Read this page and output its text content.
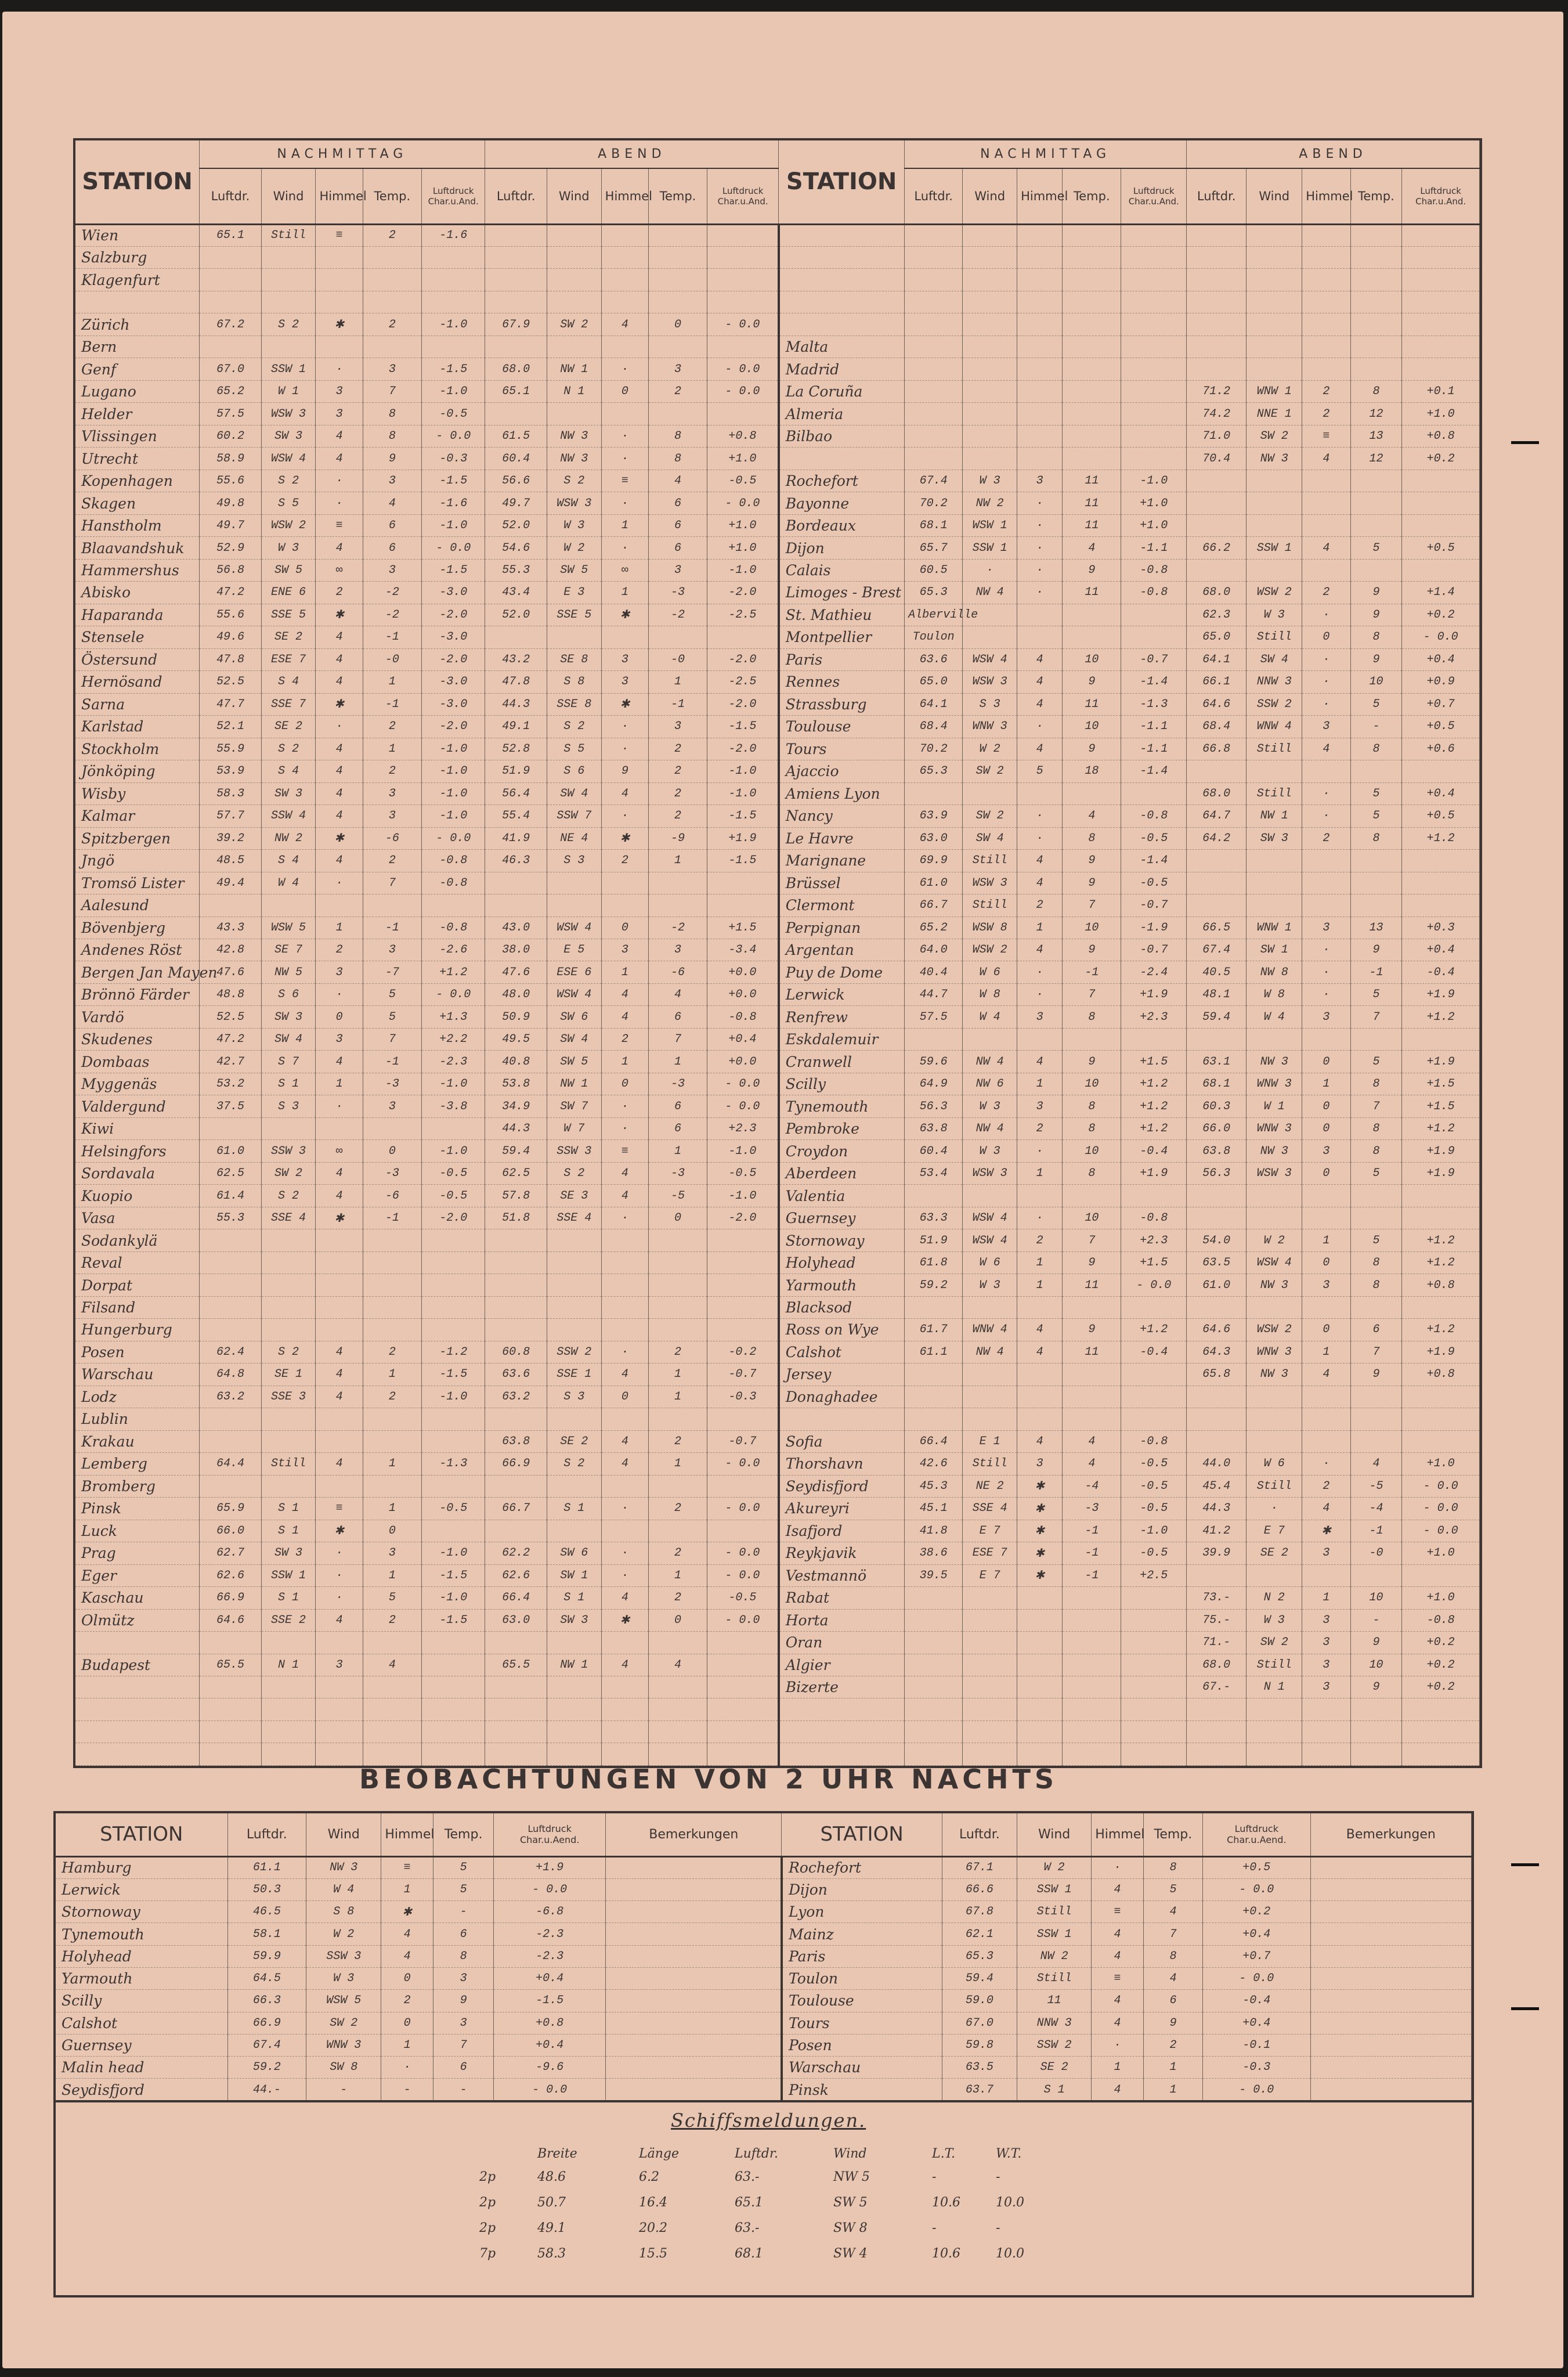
STATION	NACHMITTAG					ABEND					STATION	NACHMITTAG					ABEND				
	Luftdr.	Wind	Himmel	Temp.	Luftdruck Char.u.And.	Luftdr.	Wind	Himmel	Temp.	Luftdruck Char.u.And.		Luftdr.	Wind	Himmel	Temp.	Luftdruck Char.u.And.	Luftdr.	Wind	Himmel	Temp.	Luftdruck Char.u.And.
Wien	65.1	Still	≡	2	-1.6																
Salzburg																					
Klagenfurt																					

Zürich	67.2	S 2	✱	2	-1.0	67.9	SW 2	4	0	- 0.0											
Bern											Malta										
Genf	67.0	SSW 1	·	3	-1.5	68.0	NW 1	·	3	- 0.0	Madrid										
Lugano	65.2	W 1	3	7	-1.0	65.1	N 1	0	2	- 0.0	La Coruña						71.2	WNW 1	2	8	+0.1
Helder	57.5	WSW 3	3	8	-0.5						Almeria						74.2	NNE 1	2	12	+1.0
Vlissingen	60.2	SW 3	4	8	- 0.0	61.5	NW 3	·	8	+0.8	Bilbao						71.0	SW 2	≡	13	+0.8
Utrecht	58.9	WSW 4	4	9	-0.3	60.4	NW 3	·	8	+1.0							70.4	NW 3	4	12	+0.2
Kopenhagen	55.6	S 2	·	3	-1.5	56.6	S 2	≡	4	-0.5	Rochefort	67.4	W 3	3	11	-1.0					
Skagen	49.8	S 5	·	4	-1.6	49.7	WSW 3	·	6	- 0.0	Bayonne	70.2	NW 2	·	11	+1.0					
Hanstholm	49.7	WSW 2	≡	6	-1.0	52.0	W 3	1	6	+1.0	Bordeaux	68.1	WSW 1	·	11	+1.0					
Blaavandshuk	52.9	W 3	4	6	- 0.0	54.6	W 2	·	6	+1.0	Dijon	65.7	SSW 1	·	4	-1.1	66.2	SSW 1	4	5	+0.5
Hammershus	56.8	SW 5	∞	3	-1.5	55.3	SW 5	∞	3	-1.0	Calais	60.5	·	·	9	-0.8					
Abisko	47.2	ENE 6	2	-2	-3.0	43.4	E 3	1	-3	-2.0	Limoges - Brest	65.3	NW 4	·	11	-0.8	68.0	WSW 2	2	9	+1.4
Haparanda	55.6	SSE 5	✱	-2	-2.0	52.0	SSE 5	✱	-2	-2.5	St. Mathieu	Alberville					62.3	W 3	·	9	+0.2
Stensele	49.6	SE 2	4	-1	-3.0						Montpellier	Toulon					65.0	Still	0	8	- 0.0
Östersund	47.8	ESE 7	4	-0	-2.0	43.2	SE 8	3	-0	-2.0	Paris	63.6	WSW 4	4	10	-0.7	64.1	SW 4	·	9	+0.4
Hernösand	52.5	S 4	4	1	-3.0	47.8	S 8	3	1	-2.5	Rennes	65.0	WSW 3	4	9	-1.4	66.1	NNW 3	·	10	+0.9
Sarna	47.7	SSE 7	✱	-1	-3.0	44.3	SSE 8	✱	-1	-2.0	Strassburg	64.1	S 3	4	11	-1.3	64.6	SSW 2	·	5	+0.7
Karlstad	52.1	SE 2	·	2	-2.0	49.1	S 2	·	3	-1.5	Toulouse	68.4	WNW 3	·	10	-1.1	68.4	WNW 4	3	-	+0.5
Stockholm	55.9	S 2	4	1	-1.0	52.8	S 5	·	2	-2.0	Tours	70.2	W 2	4	9	-1.1	66.8	Still	4	8	+0.6
Jönköping	53.9	S 4	4	2	-1.0	51.9	S 6	9	2	-1.0	Ajaccio	65.3	SW 2	5	18	-1.4					
Wisby	58.3	SW 3	4	3	-1.0	56.4	SW 4	4	2	-1.0	Amiens Lyon						68.0	Still	·	5	+0.4
Kalmar	57.7	SSW 4	4	3	-1.0	55.4	SSW 7	·	2	-1.5	Nancy	63.9	SW 2	·	4	-0.8	64.7	NW 1	·	5	+0.5
Spitzbergen	39.2	NW 2	✱	-6	- 0.0	41.9	NE 4	✱	-9	+1.9	Le Havre	63.0	SW 4	·	8	-0.5	64.2	SW 3	2	8	+1.2
Jngö	48.5	S 4	4	2	-0.8	46.3	S 3	2	1	-1.5	Marignane	69.9	Still	4	9	-1.4					
Tromsö Lister	49.4	W 4	·	7	-0.8						Brüssel	61.0	WSW 3	4	9	-0.5					
Aalesund											Clermont	66.7	Still	2	7	-0.7					
Bövenbjerg	43.3	WSW 5	1	-1	-0.8	43.0	WSW 4	0	-2	+1.5	Perpignan	65.2	WSW 8	1	10	-1.9	66.5	WNW 1	3	13	+0.3
Andenes Röst	42.8	SE 7	2	3	-2.6	38.0	E 5	3	3	-3.4	Argentan	64.0	WSW 2	4	9	-0.7	67.4	SW 1	·	9	+0.4
Bergen Jan Mayen	47.6	NW 5	3	-7	+1.2	47.6	ESE 6	1	-6	+0.0	Puy de Dome	40.4	W 6	·	-1	-2.4	40.5	NW 8	·	-1	-0.4
Brönnö Färder	48.8	S 6	·	5	- 0.0	48.0	WSW 4	4	4	+0.0	Lerwick	44.7	W 8	·	7	+1.9	48.1	W 8	·	5	+1.9
Vardö	52.5	SW 3	0	5	+1.3	50.9	SW 6	4	6	-0.8	Renfrew	57.5	W 4	3	8	+2.3	59.4	W 4	3	7	+1.2
Skudenes	47.2	SW 4	3	7	+2.2	49.5	SW 4	2	7	+0.4	Eskdalemuir										
Dombaas	42.7	S 7	4	-1	-2.3	40.8	SW 5	1	1	+0.0	Cranwell	59.6	NW 4	4	9	+1.5	63.1	NW 3	0	5	+1.9
Myggenäs	53.2	S 1	1	-3	-1.0	53.8	NW 1	0	-3	- 0.0	Scilly	64.9	NW 6	1	10	+1.2	68.1	WNW 3	1	8	+1.5
Valdergund	37.5	S 3	·	3	-3.8	34.9	SW 7	·	6	- 0.0	Tynemouth	56.3	W 3	3	8	+1.2	60.3	W 1	0	7	+1.5
Kiwi						44.3	W 7	·	6	+2.3	Pembroke	63.8	NW 4	2	8	+1.2	66.0	WNW 3	0	8	+1.2
Helsingfors	61.0	SSW 3	∞	0	-1.0	59.4	SSW 3	≡	1	-1.0	Croydon	60.4	W 3	·	10	-0.4	63.8	NW 3	3	8	+1.9
Sordavala	62.5	SW 2	4	-3	-0.5	62.5	S 2	4	-3	-0.5	Aberdeen	53.4	WSW 3	1	8	+1.9	56.3	WSW 3	0	5	+1.9
Kuopio	61.4	S 2	4	-6	-0.5	57.8	SE 3	4	-5	-1.0	Valentia										
Vasa	55.3	SSE 4	✱	-1	-2.0	51.8	SSE 4	·	0	-2.0	Guernsey	63.3	WSW 4	·	10	-0.8					
Sodankylä											Stornoway	51.9	WSW 4	2	7	+2.3	54.0	W 2	1	5	+1.2
Reval											Holyhead	61.8	W 6	1	9	+1.5	63.5	WSW 4	0	8	+1.2
Dorpat											Yarmouth	59.2	W 3	1	11	- 0.0	61.0	NW 3	3	8	+0.8
Filsand											Blacksod										
Hungerburg											Ross on Wye	61.7	WNW 4	4	9	+1.2	64.6	WSW 2	0	6	+1.2
Posen	62.4	S 2	4	2	-1.2	60.8	SSW 2	·	2	-0.2	Calshot	61.1	NW 4	4	11	-0.4	64.3	WNW 3	1	7	+1.9
Warschau	64.8	SE 1	4	1	-1.5	63.6	SSE 1	4	1	-0.7	Jersey						65.8	NW 3	4	9	+0.8
Lodz	63.2	SSE 3	4	2	-1.0	63.2	S 3	0	1	-0.3	Donaghadee										
Lublin																					
Krakau						63.8	SE 2	4	2	-0.7	Sofia	66.4	E 1	4	4	-0.8					
Lemberg	64.4	Still	4	1	-1.3	66.9	S 2	4	1	- 0.0	Thorshavn	42.6	Still	3	4	-0.5	44.0	W 6	·	4	+1.0
Bromberg											Seydisfjord	45.3	NE 2	✱	-4	-0.5	45.4	Still	2	-5	- 0.0
Pinsk	65.9	S 1	≡	1	-0.5	66.7	S 1	·	2	- 0.0	Akureyri	45.1	SSE 4	✱	-3	-0.5	44.3	·	4	-4	- 0.0
Luck	66.0	S 1	✱	0							Isafjord	41.8	E 7	✱	-1	-1.0	41.2	E 7	✱	-1	- 0.0
Prag	62.7	SW 3	·	3	-1.0	62.2	SW 6	·	2	- 0.0	Reykjavik	38.6	ESE 7	✱	-1	-0.5	39.9	SE 2	3	-0	+1.0
Eger	62.6	SSW 1	·	1	-1.5	62.6	SW 1	·	1	- 0.0	Vestmannö	39.5	E 7	✱	-1	+2.5					
Kaschau	66.9	S 1	·	5	-1.0	66.4	S 1	4	2	-0.5	Rabat						73.-	N 2	1	10	+1.0
Olmütz	64.6	SSE 2	4	2	-1.5	63.0	SW 3	✱	0	- 0.0	Horta						75.-	W 3	3	-	-0.8
											Oran						71.-	SW 2	3	9	+0.2
Budapest	65.5	N 1	3	4		65.5	NW 1	4	4		Algier						68.0	Still	3	10	+0.2
											Bizerte						67.-	N 1	3	9	+0.2

BEOBACHTUNGEN VON 2 UHR NACHTS
STATION	Luftdr.	Wind	Himmel	Temp.	Luftdruck Char.u.Aend.	Bemerkungen	STATION	Luftdr.	Wind	Himmel	Temp.	Luftdruck Char.u.Aend.	Bemerkungen
Hamburg	61.1	NW 3	≡	5	+1.9		Rochefort	67.1	W 2	·	8	+0.5	
Lerwick	50.3	W 4	1	5	- 0.0		Dijon	66.6	SSW 1	4	5	- 0.0	
Stornoway	46.5	S 8	✱	-	-6.8		Lyon	67.8	Still	≡	4	+0.2	
Tynemouth	58.1	W 2	4	6	-2.3		Mainz	62.1	SSW 1	4	7	+0.4	
Holyhead	59.9	SSW 3	4	8	-2.3		Paris	65.3	NW 2	4	8	+0.7	
Yarmouth	64.5	W 3	0	3	+0.4		Toulon	59.4	Still	≡	4	- 0.0	
Scilly	66.3	WSW 5	2	9	-1.5		Toulouse	59.0	11	4	6	-0.4	
Calshot	66.9	SW 2	0	3	+0.8		Tours	67.0	NNW 3	4	9	+0.4	
Guernsey	67.4	WNW 3	1	7	+0.4		Posen	59.8	SSW 2	·	2	-0.1	
Malin head	59.2	SW 8	·	6	-9.6		Warschau	63.5	SE 2	1	1	-0.3	
Seydisfjord	44.-	-	-	-	- 0.0		Pinsk	63.7	S 1	4	1	- 0.0	
Schiffsmeldungen.
Breite	Länge	Luftdr.	Wind	L.T.	W.T.
2p	48.6	6.2	63.-	NW 5	-	-
2p	50.7	16.4	65.1	SW 5	10.6	10.0
2p	49.1	20.2	63.-	SW 8	-	-
7p	58.3	15.5	68.1	SW 4	10.6	10.0
